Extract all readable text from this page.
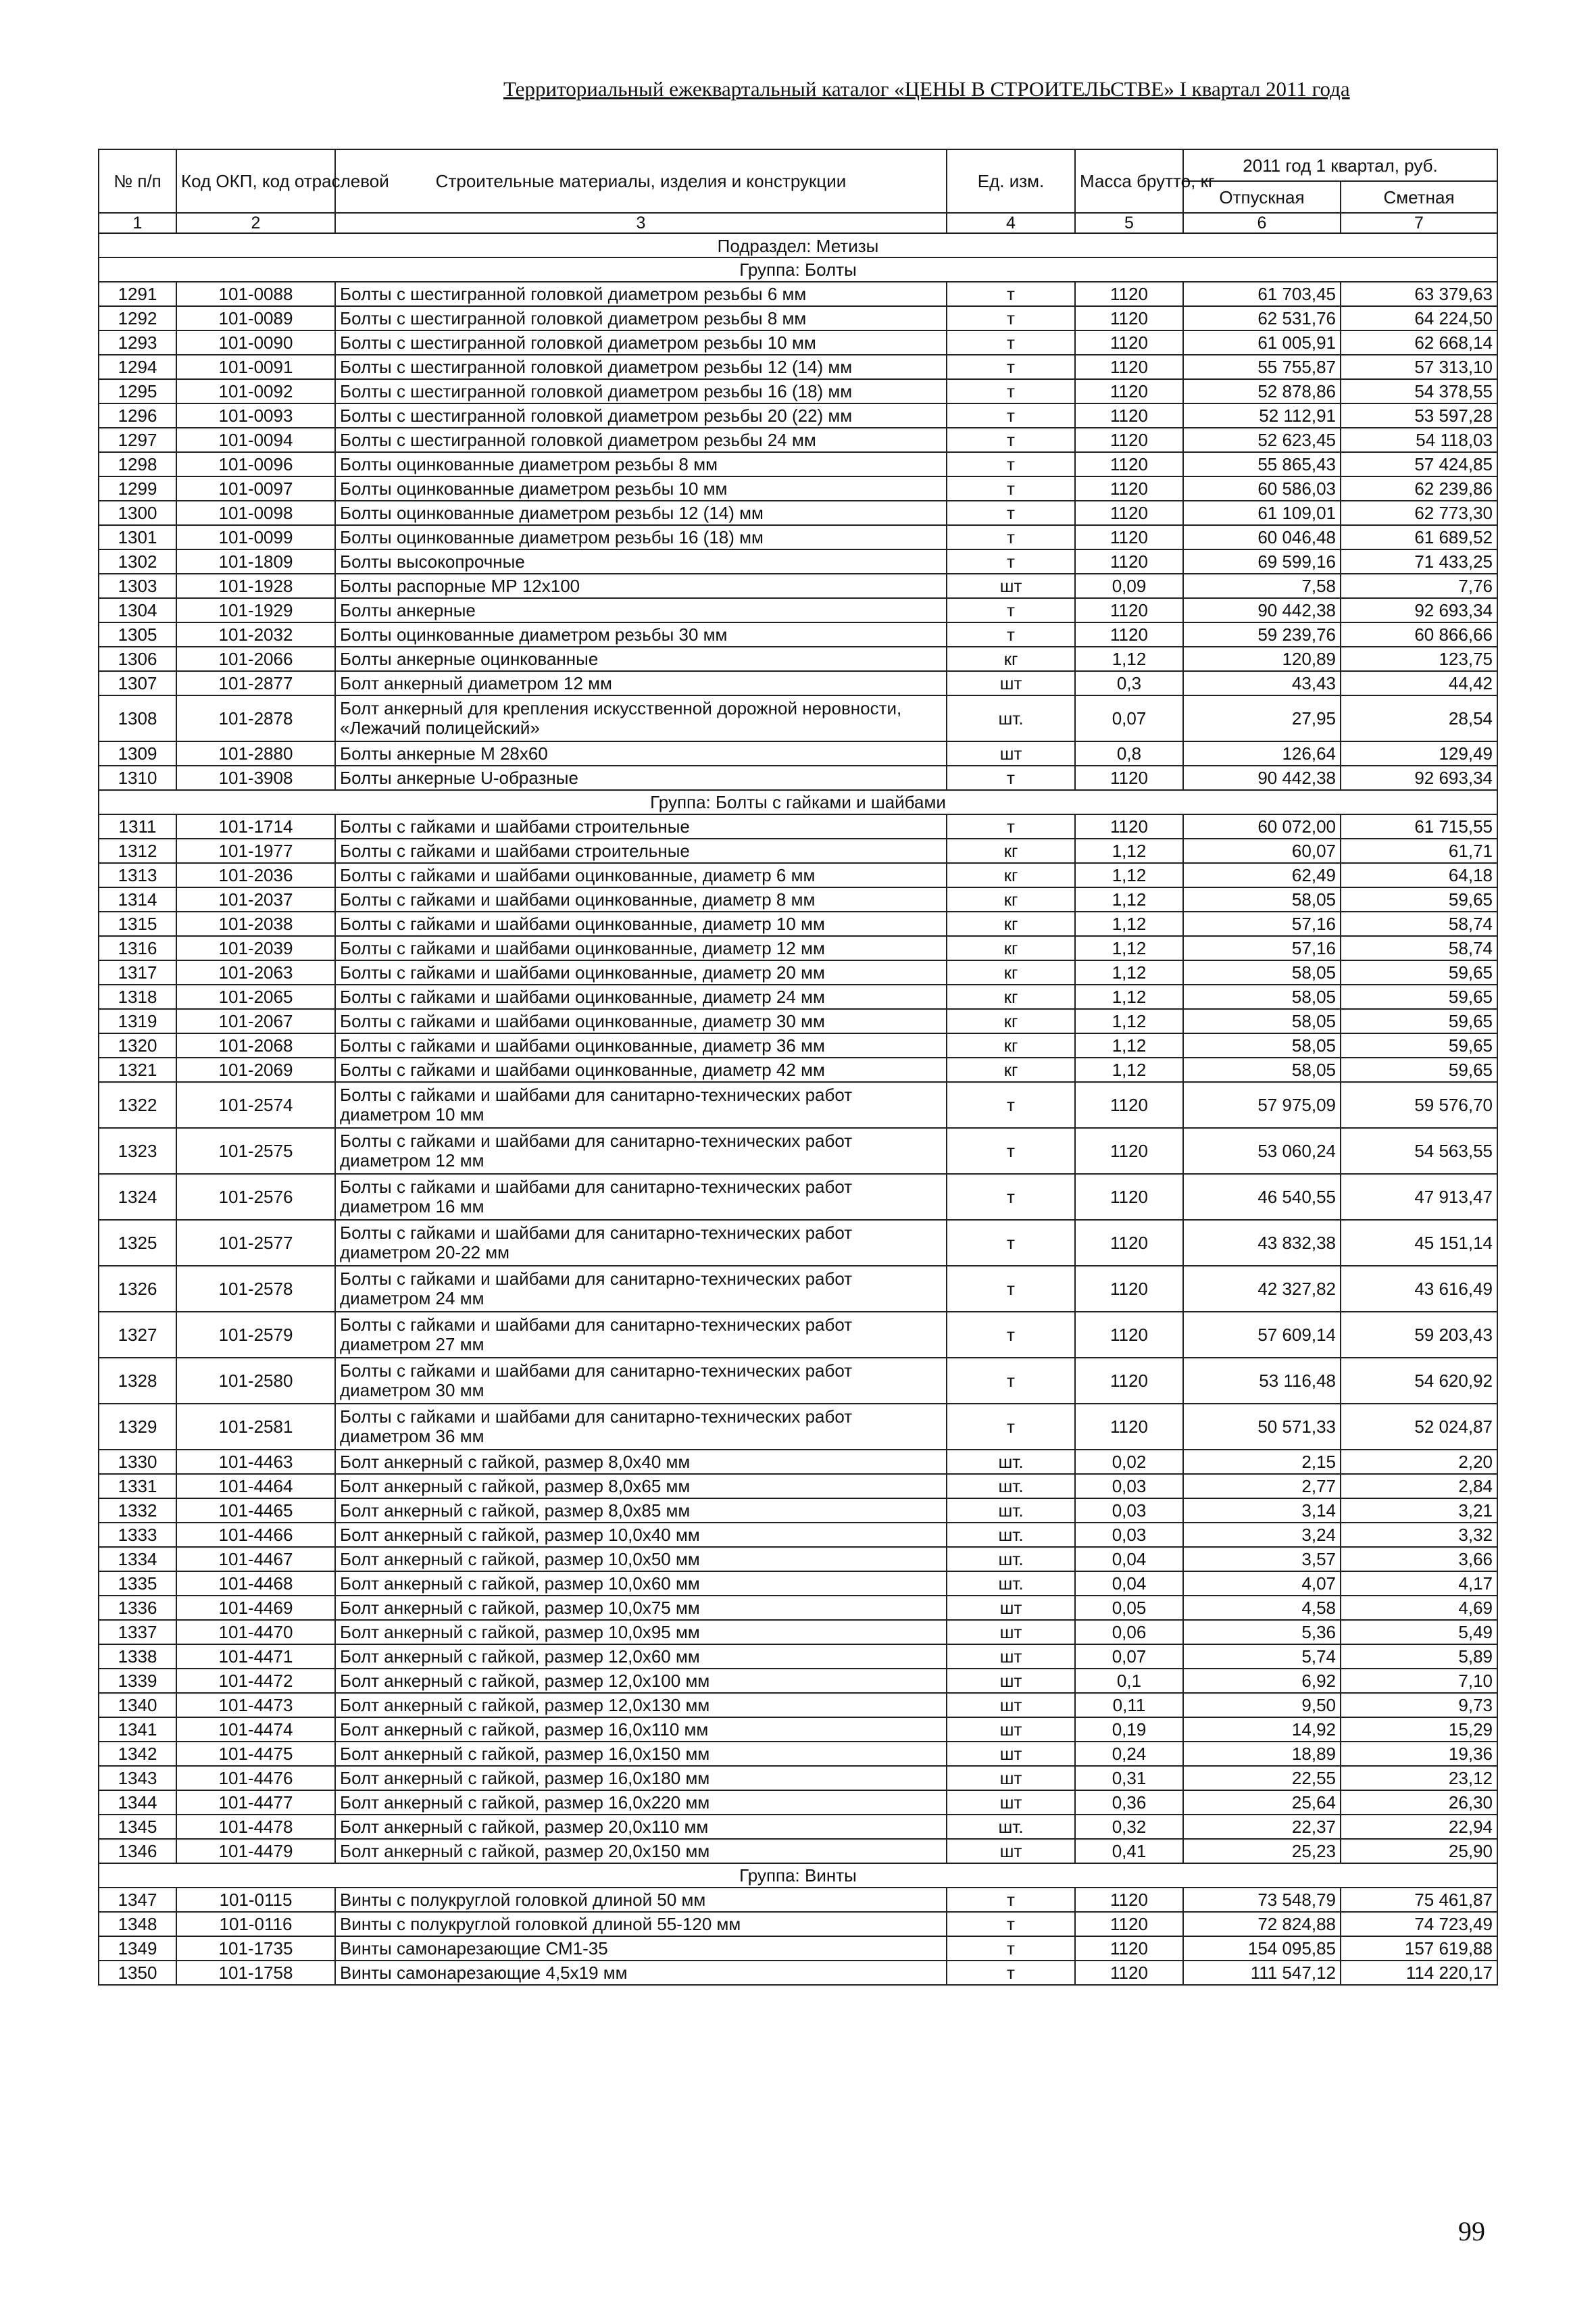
Территориальный ежеквартальный каталог «ЦЕНЫ В СТРОИТЕЛЬСТВЕ» I квартал 2011 года
№ п/п	Код ОКП, код отраслевой	Строительные материалы, изделия и конструкции	Ед. изм.	Масса брутто, кг	2011 год 1 квартал, руб.	
					Отпускная	Сметная
1	2	3	4	5	6	7
Подраздел: Метизы						
Группа: Болты						
1291	101-0088	Болты с шестигранной головкой диаметром резьбы 6 мм	т	1120	61 703,45	63 379,63
1292	101-0089	Болты с шестигранной головкой диаметром резьбы 8 мм	т	1120	62 531,76	64 224,50
1293	101-0090	Болты с шестигранной головкой диаметром резьбы 10 мм	т	1120	61 005,91	62 668,14
1294	101-0091	Болты с шестигранной головкой диаметром резьбы 12 (14) мм	т	1120	55 755,87	57 313,10
1295	101-0092	Болты с шестигранной головкой диаметром резьбы 16 (18) мм	т	1120	52 878,86	54 378,55
1296	101-0093	Болты с шестигранной головкой диаметром резьбы 20 (22) мм	т	1120	52 112,91	53 597,28
1297	101-0094	Болты с шестигранной головкой диаметром резьбы 24 мм	т	1120	52 623,45	54 118,03
1298	101-0096	Болты оцинкованные диаметром резьбы 8 мм	т	1120	55 865,43	57 424,85
1299	101-0097	Болты оцинкованные диаметром резьбы 10 мм	т	1120	60 586,03	62 239,86
1300	101-0098	Болты оцинкованные диаметром резьбы 12 (14) мм	т	1120	61 109,01	62 773,30
1301	101-0099	Болты оцинкованные диаметром резьбы 16 (18) мм	т	1120	60 046,48	61 689,52
1302	101-1809	Болты высокопрочные	т	1120	69 599,16	71 433,25
1303	101-1928	Болты распорные МР 12х100	шт	0,09	7,58	7,76
1304	101-1929	Болты анкерные	т	1120	90 442,38	92 693,34
1305	101-2032	Болты оцинкованные диаметром резьбы 30 мм	т	1120	59 239,76	60 866,66
1306	101-2066	Болты анкерные оцинкованные	кг	1,12	120,89	123,75
1307	101-2877	Болт анкерный диаметром 12 мм	шт	0,3	43,43	44,42
1308	101-2878	Болт анкерный для крепления искусственной дорожной неровности, «Лежачий полицейский»	шт.	0,07	27,95	28,54
1309	101-2880	Болты анкерные М 28х60	шт	0,8	126,64	129,49
1310	101-3908	Болты анкерные U-образные	т	1120	90 442,38	92 693,34
Группа: Болты с гайками и шайбами						
1311	101-1714	Болты с гайками и шайбами строительные	т	1120	60 072,00	61 715,55
1312	101-1977	Болты с гайками и шайбами строительные	кг	1,12	60,07	61,71
1313	101-2036	Болты с гайками и шайбами оцинкованные, диаметр 6 мм	кг	1,12	62,49	64,18
1314	101-2037	Болты с гайками и шайбами оцинкованные, диаметр 8 мм	кг	1,12	58,05	59,65
1315	101-2038	Болты с гайками и шайбами оцинкованные, диаметр 10 мм	кг	1,12	57,16	58,74
1316	101-2039	Болты с гайками и шайбами оцинкованные, диаметр 12 мм	кг	1,12	57,16	58,74
1317	101-2063	Болты с гайками и шайбами оцинкованные, диаметр 20 мм	кг	1,12	58,05	59,65
1318	101-2065	Болты с гайками и шайбами оцинкованные, диаметр 24 мм	кг	1,12	58,05	59,65
1319	101-2067	Болты с гайками и шайбами оцинкованные, диаметр 30 мм	кг	1,12	58,05	59,65
1320	101-2068	Болты с гайками и шайбами оцинкованные, диаметр 36 мм	кг	1,12	58,05	59,65
1321	101-2069	Болты с гайками и шайбами оцинкованные, диаметр 42 мм	кг	1,12	58,05	59,65
1322	101-2574	Болты с гайками и шайбами для санитарно-технических работ диаметром 10 мм	т	1120	57 975,09	59 576,70
1323	101-2575	Болты с гайками и шайбами для санитарно-технических работ диаметром 12 мм	т	1120	53 060,24	54 563,55
1324	101-2576	Болты с гайками и шайбами для санитарно-технических работ диаметром 16 мм	т	1120	46 540,55	47 913,47
1325	101-2577	Болты с гайками и шайбами для санитарно-технических работ диаметром 20-22 мм	т	1120	43 832,38	45 151,14
1326	101-2578	Болты с гайками и шайбами для санитарно-технических работ диаметром 24 мм	т	1120	42 327,82	43 616,49
1327	101-2579	Болты с гайками и шайбами для санитарно-технических работ диаметром 27 мм	т	1120	57 609,14	59 203,43
1328	101-2580	Болты с гайками и шайбами для санитарно-технических работ диаметром 30 мм	т	1120	53 116,48	54 620,92
1329	101-2581	Болты с гайками и шайбами для санитарно-технических работ диаметром 36 мм	т	1120	50 571,33	52 024,87
1330	101-4463	Болт анкерный с гайкой, размер 8,0х40 мм	шт.	0,02	2,15	2,20
1331	101-4464	Болт анкерный с гайкой, размер 8,0х65 мм	шт.	0,03	2,77	2,84
1332	101-4465	Болт анкерный с гайкой, размер 8,0х85 мм	шт.	0,03	3,14	3,21
1333	101-4466	Болт анкерный с гайкой, размер 10,0х40 мм	шт.	0,03	3,24	3,32
1334	101-4467	Болт анкерный с гайкой, размер 10,0х50 мм	шт.	0,04	3,57	3,66
1335	101-4468	Болт анкерный с гайкой, размер 10,0х60 мм	шт.	0,04	4,07	4,17
1336	101-4469	Болт анкерный с гайкой, размер 10,0х75 мм	шт	0,05	4,58	4,69
1337	101-4470	Болт анкерный с гайкой, размер 10,0х95 мм	шт	0,06	5,36	5,49
1338	101-4471	Болт анкерный с гайкой, размер 12,0х60 мм	шт	0,07	5,74	5,89
1339	101-4472	Болт анкерный с гайкой, размер 12,0х100 мм	шт	0,1	6,92	7,10
1340	101-4473	Болт анкерный с гайкой, размер 12,0х130 мм	шт	0,11	9,50	9,73
1341	101-4474	Болт анкерный с гайкой, размер 16,0х110 мм	шт	0,19	14,92	15,29
1342	101-4475	Болт анкерный с гайкой, размер 16,0х150 мм	шт	0,24	18,89	19,36
1343	101-4476	Болт анкерный с гайкой, размер 16,0х180 мм	шт	0,31	22,55	23,12
1344	101-4477	Болт анкерный с гайкой, размер 16,0х220 мм	шт	0,36	25,64	26,30
1345	101-4478	Болт анкерный с гайкой, размер 20,0х110 мм	шт.	0,32	22,37	22,94
1346	101-4479	Болт анкерный с гайкой, размер 20,0х150 мм	шт	0,41	25,23	25,90
Группа: Винты						
1347	101-0115	Винты с полукруглой головкой длиной 50 мм	т	1120	73 548,79	75 461,87
1348	101-0116	Винты с полукруглой головкой длиной 55-120 мм	т	1120	72 824,88	74 723,49
1349	101-1735	Винты самонарезающие СМ1-35	т	1120	154 095,85	157 619,88
1350	101-1758	Винты самонарезающие 4,5х19 мм	т	1120	111 547,12	114 220,17
99
